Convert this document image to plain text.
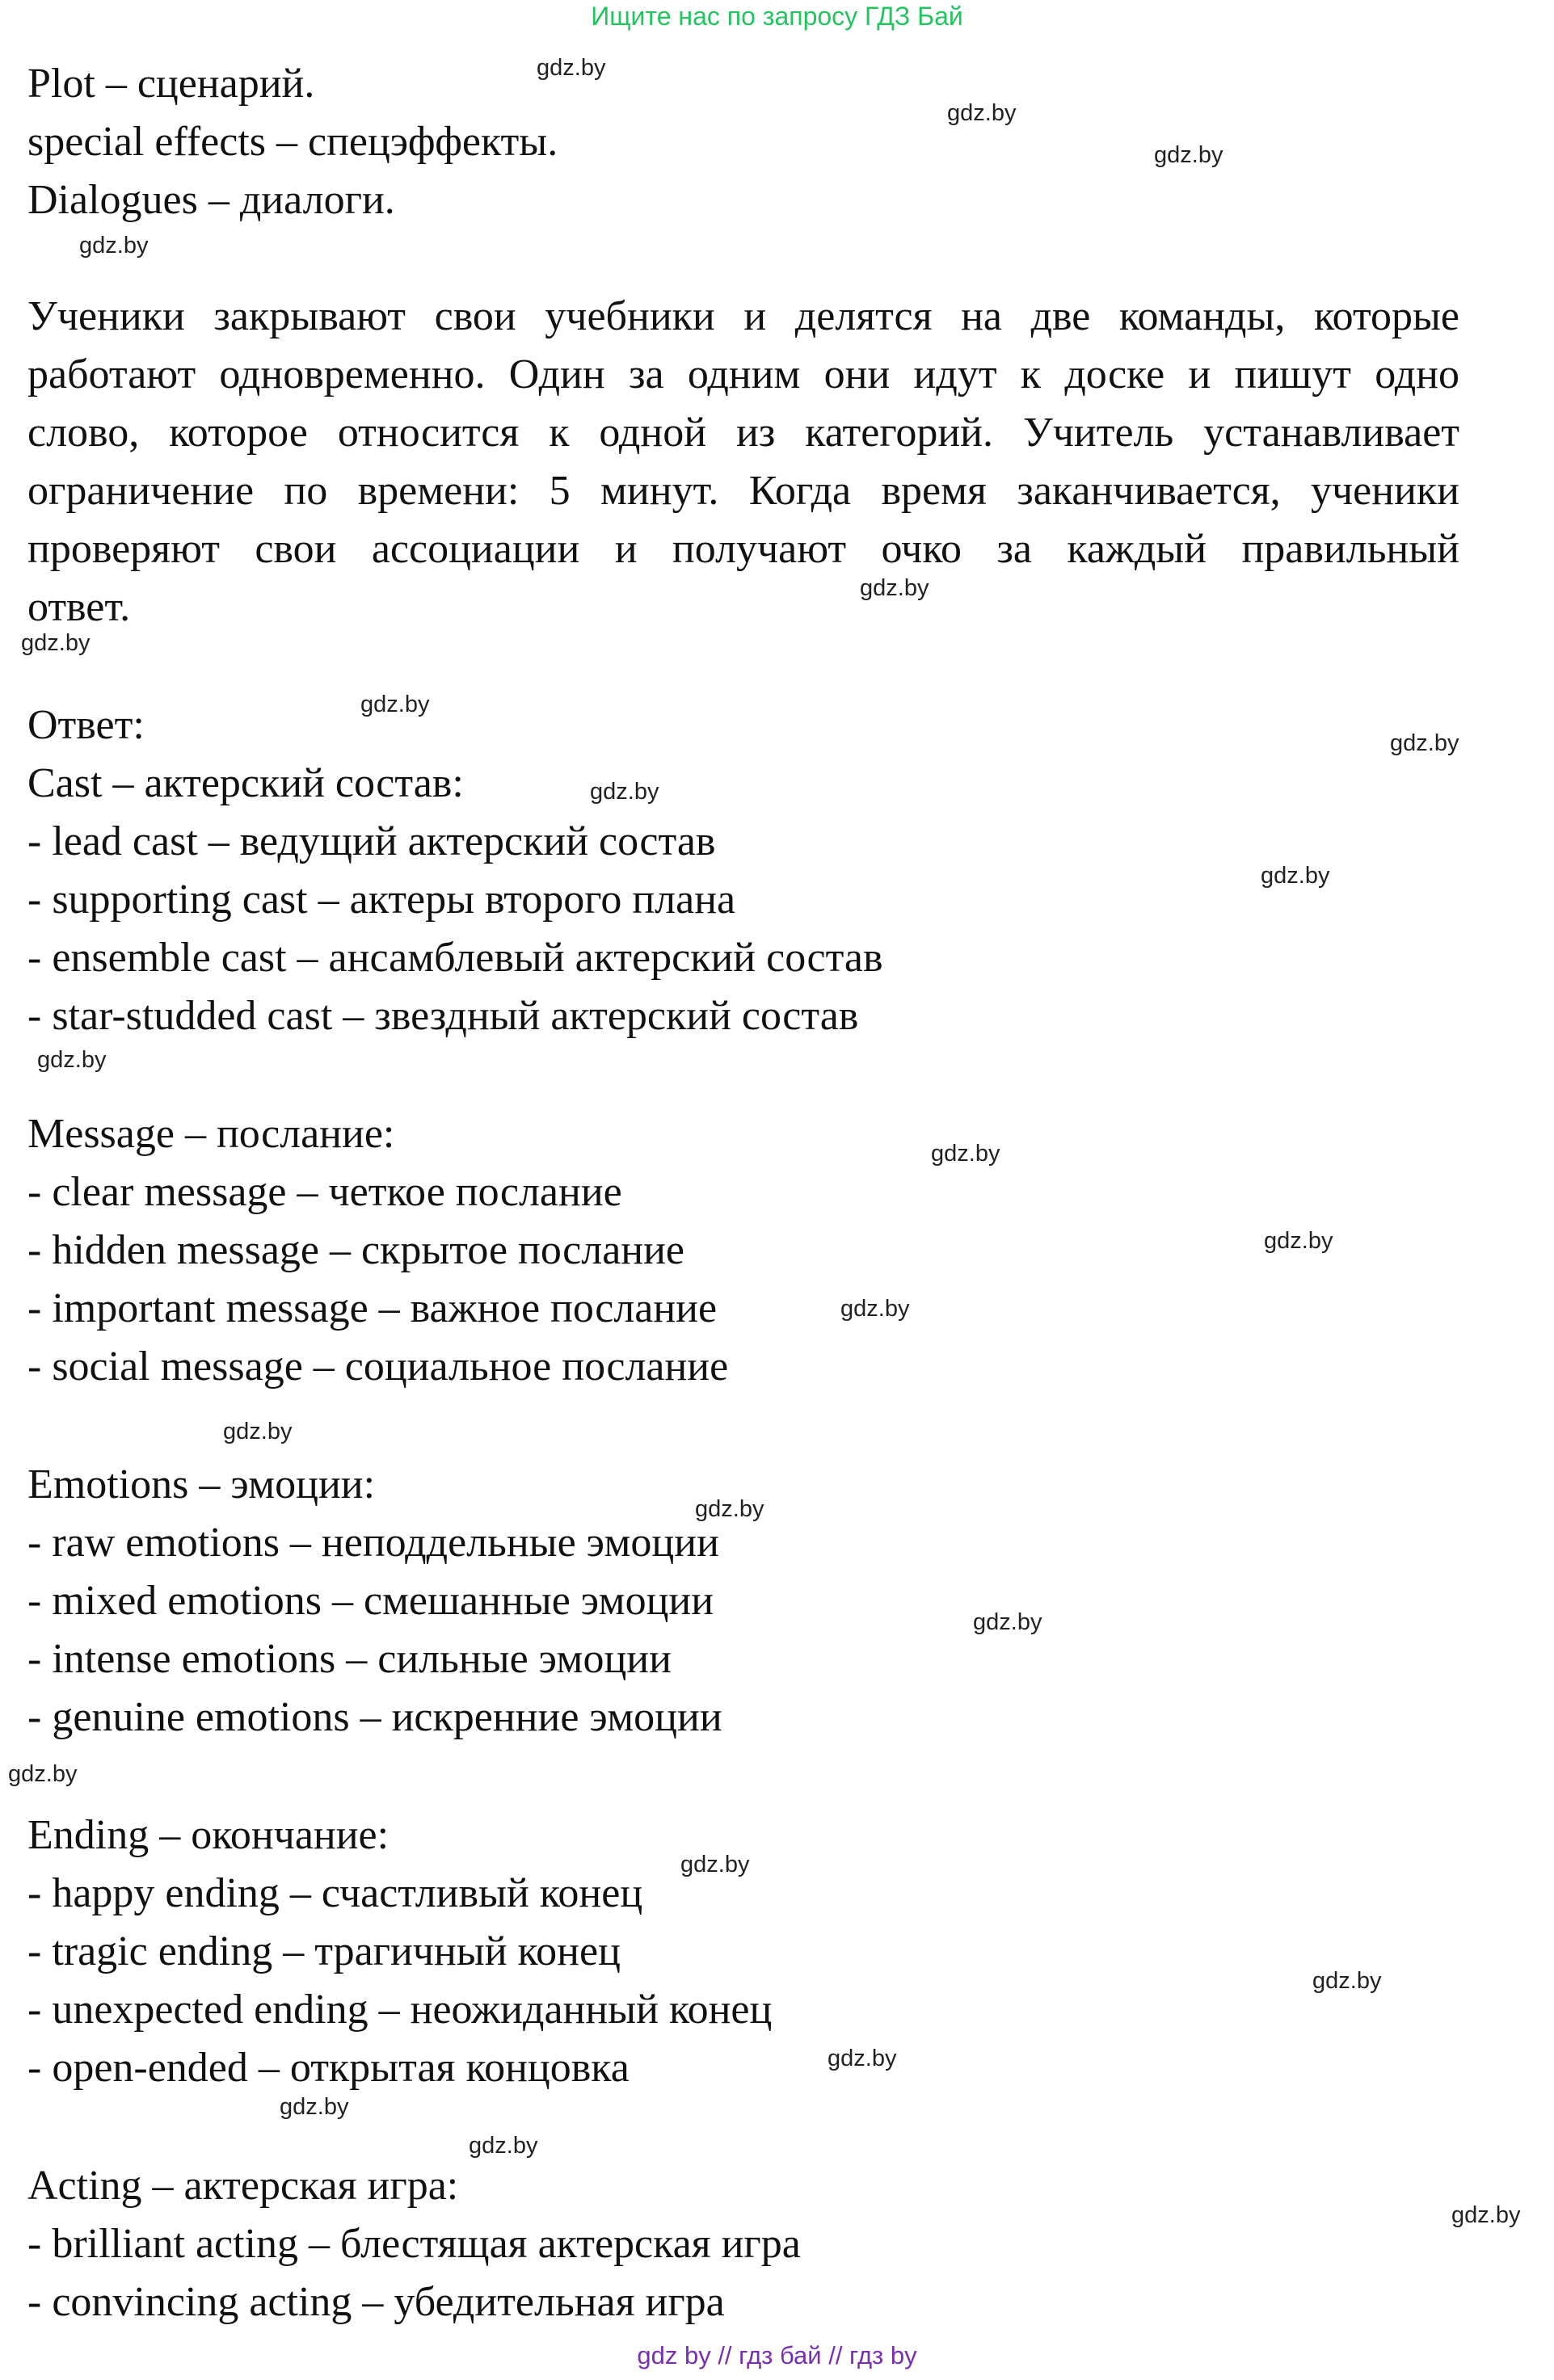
Ищите нас по запросу ГДЗ Бай
Plot – сценарий.
special effects – спецэффекты.
Dialogues – диалоги.
Ученики закрывают свои учебники и делятся на две команды, которые
работают одновременно. Один за одним они идут к доске и пишут одно
слово, которое относится к одной из категорий. Учитель устанавливает
ограничение по времени: 5 минут. Когда время заканчивается, ученики
проверяют свои ассоциации и получают очко за каждый правильный
ответ.
Ответ:
Cast – актерский состав:
- lead cast – ведущий актерский состав
- supporting cast – актеры второго плана
- ensemble cast – ансамблевый актерский состав
- star-studded cast – звездный актерский состав
Message – послание:
- clear message – четкое послание
- hidden message – скрытое послание
- important message – важное послание
- social message – социальное послание
Emotions – эмоции:
- raw emotions – неподдельные эмоции
- mixed emotions – смешанные эмоции
- intense emotions – сильные эмоции
- genuine emotions – искренние эмоции
Ending – окончание:
- happy ending – счастливый конец
- tragic ending – трагичный конец
- unexpected ending – неожиданный конец
- open-ended – открытая концовка
Acting – актерская игра:
- brilliant acting – блестящая актерская игра
- convincing acting – убедительная игра
gdz.by
gdz.by
gdz.by
gdz.by
gdz.by
gdz.by
gdz.by
gdz.by
gdz.by
gdz.by
gdz.by
gdz.by
gdz.by
gdz.by
gdz.by
gdz.by
gdz.by
gdz.by
gdz.by
gdz.by
gdz.by
gdz.by
gdz.by
gdz.by
gdz by // гдз бай // гдз by
